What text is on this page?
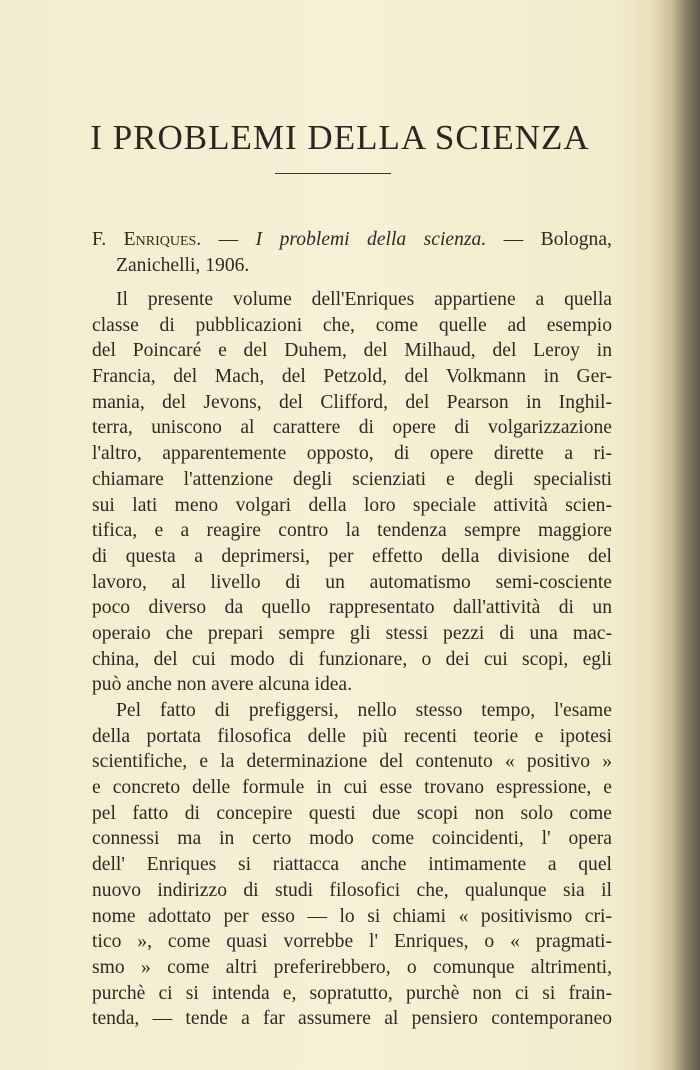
I PROBLEMI DELLA SCIENZA
F. Enriques. — I problemi della scienza. — Bologna,
Zanichelli, 1906.
Il presente volume dell'Enriques appartiene a quella
classe di pubblicazioni che, come quelle ad esempio
del Poincaré e del Duhem, del Milhaud, del Leroy in
Francia, del Mach, del Petzold, del Volkmann in Ger-
mania, del Jevons, del Clifford, del Pearson in Inghil-
terra, uniscono al carattere di opere di volgarizzazione
l'altro, apparentemente opposto, di opere dirette a ri-
chiamare l'attenzione degli scienziati e degli specialisti
sui lati meno volgari della loro speciale attività scien-
tifica, e a reagire contro la tendenza sempre maggiore
di questa a deprimersi, per effetto della divisione del
lavoro, al livello di un automatismo semi-cosciente
poco diverso da quello rappresentato dall'attività di un
operaio che prepari sempre gli stessi pezzi di una mac-
china, del cui modo di funzionare, o dei cui scopi, egli
può anche non avere alcuna idea.
Pel fatto di prefiggersi, nello stesso tempo, l'esame
della portata filosofica delle più recenti teorie e ipotesi
scientifiche, e la determinazione del contenuto « positivo »
e concreto delle formule in cui esse trovano espressione, e
pel fatto di concepire questi due scopi non solo come
connessi ma in certo modo come coincidenti, l' opera
dell' Enriques si riattacca anche intimamente a quel
nuovo indirizzo di studi filosofici che, qualunque sia il
nome adottato per esso — lo si chiami « positivismo cri-
tico », come quasi vorrebbe l' Enriques, o « pragmati-
smo » come altri preferirebbero, o comunque altrimenti,
purchè ci si intenda e, sopratutto, purchè non ci si frain-
tenda, — tende a far assumere al pensiero contemporaneo
